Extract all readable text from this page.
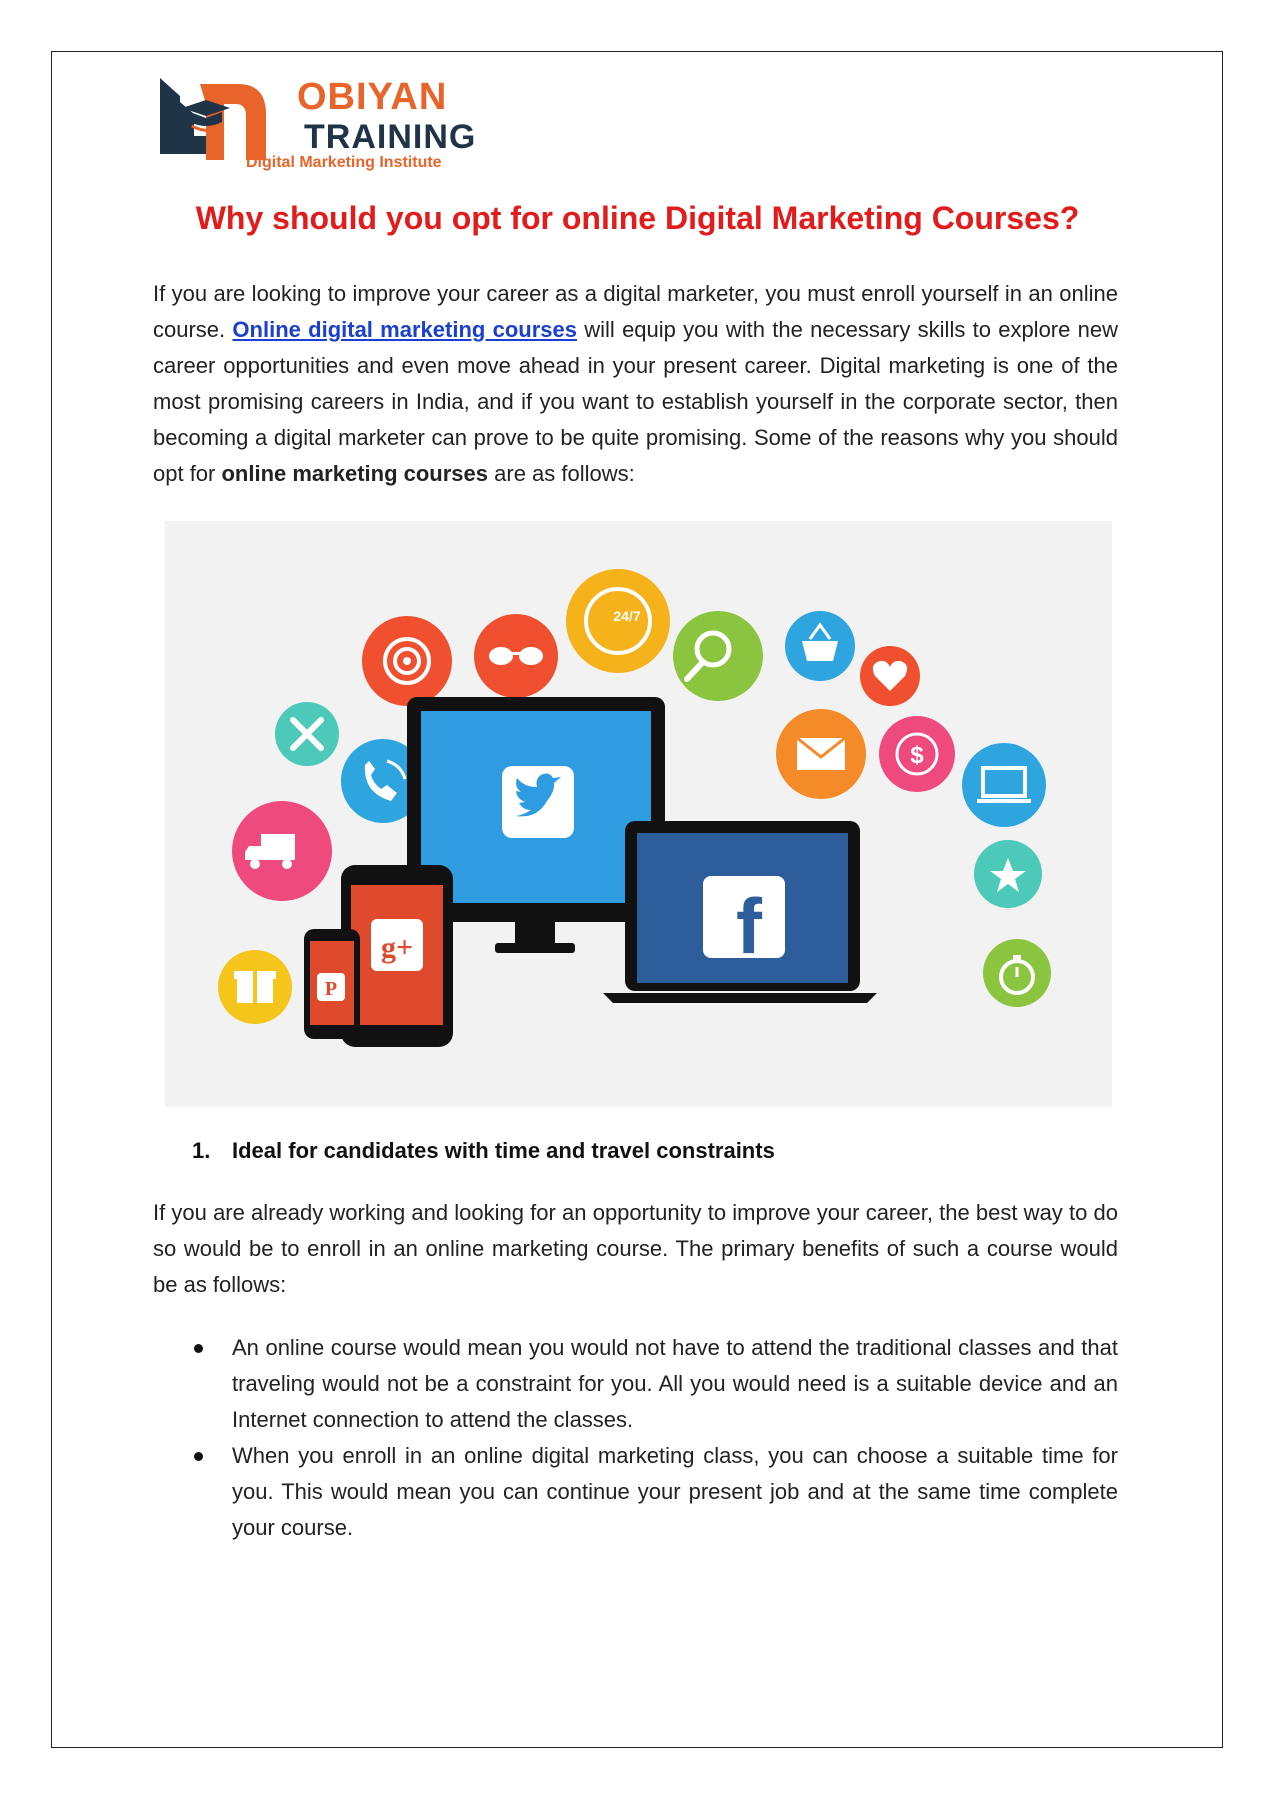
OBIYAN
TRAINING
Digital Marketing Institute
Why should you opt for online Digital Marketing Courses?

If you are looking to improve your career as a digital marketer, you must enroll yourself in an online course. Online digital marketing courses will equip you with the necessary skills to explore new career opportunities and even move ahead in your present career. Digital marketing is one of the most promising careers in India, and if you want to establish yourself in the corporate sector, then becoming a digital marketer can prove to be quite promising. Some of the reasons why you should opt for online marketing courses are as follows:

24/7
f
$
g+
P
1. Ideal for candidates with time and travel constraints

If you are already working and looking for an opportunity to improve your career, the best way to do so would be to enroll in an online marketing course. The primary benefits of such a course would be as follows:

An online course would mean you would not have to attend the traditional classes and that traveling would not be a constraint for you. All you would need is a suitable device and an Internet connection to attend the classes.
When you enroll in an online digital marketing class, you can choose a suitable time for you. This would mean you can continue your present job and at the same time complete your course.
